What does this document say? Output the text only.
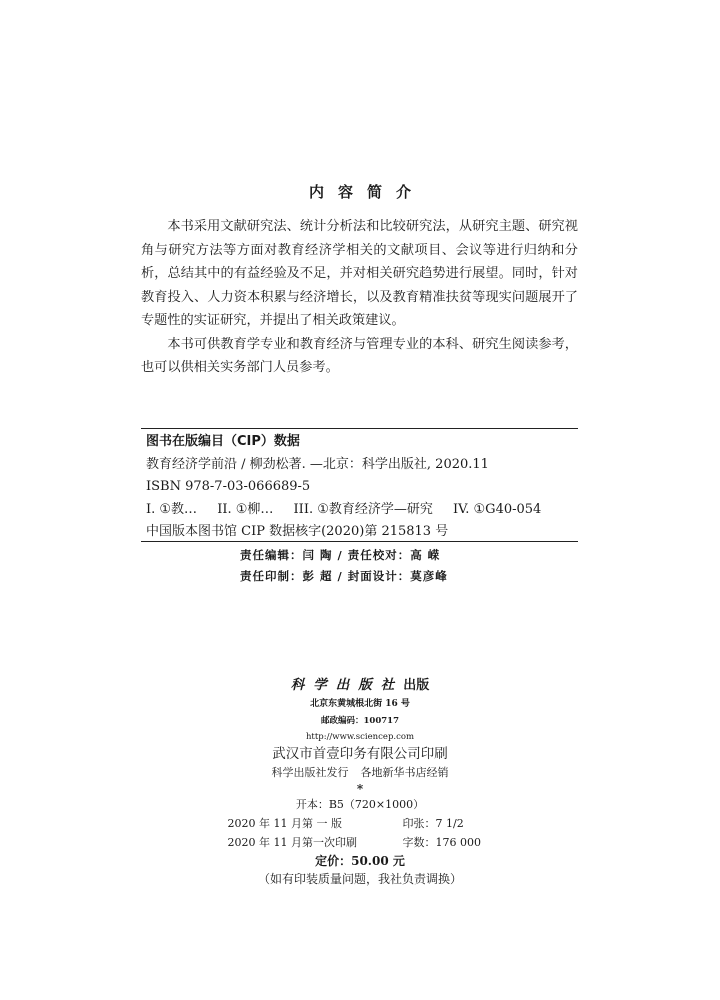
内容简介

本书采用文献研究法、统计分析法和比较研究法，从研究主题、研究视角与研究方法等方面对教育经济学相关的文献项目、会议等进行归纳和分析，总结其中的有益经验及不足，并对相关研究趋势进行展望。同时，针对教育投入、人力资本积累与经济增长，以及教育精准扶贫等现实问题展开了专题性的实证研究，并提出了相关政策建议。

本书可供教育学专业和教育经济与管理专业的本科、研究生阅读参考，也可以供相关实务部门人员参考。

图书在版编目（CIP）数据
教育经济学前沿 / 柳劲松著. —北京：科学出版社, 2020.11
ISBN 978-7-03-066689-5
I. ①教… II. ①柳… III. ①教育经济学—研究 IV. ①G40-054
中国版本图书馆 CIP 数据核字(2020)第 215813 号
责任编辑：闫 陶 / 责任校对：高 嵘
责任印制：彭 超 / 封面设计：莫彦峰
科学出版社出版
北京东黄城根北街 16 号
邮政编码：100717
http://www.sciencep.com
武汉市首壹印务有限公司印刷
科学出版社发行 各地新华书店经销
*
开本：B5（720×1000）
2020 年 11 月第 一 版	印张：7 1/2
2020 年 11 月第一次印刷	字数：176 000
定价：50.00 元
（如有印装质量问题，我社负责调换）
